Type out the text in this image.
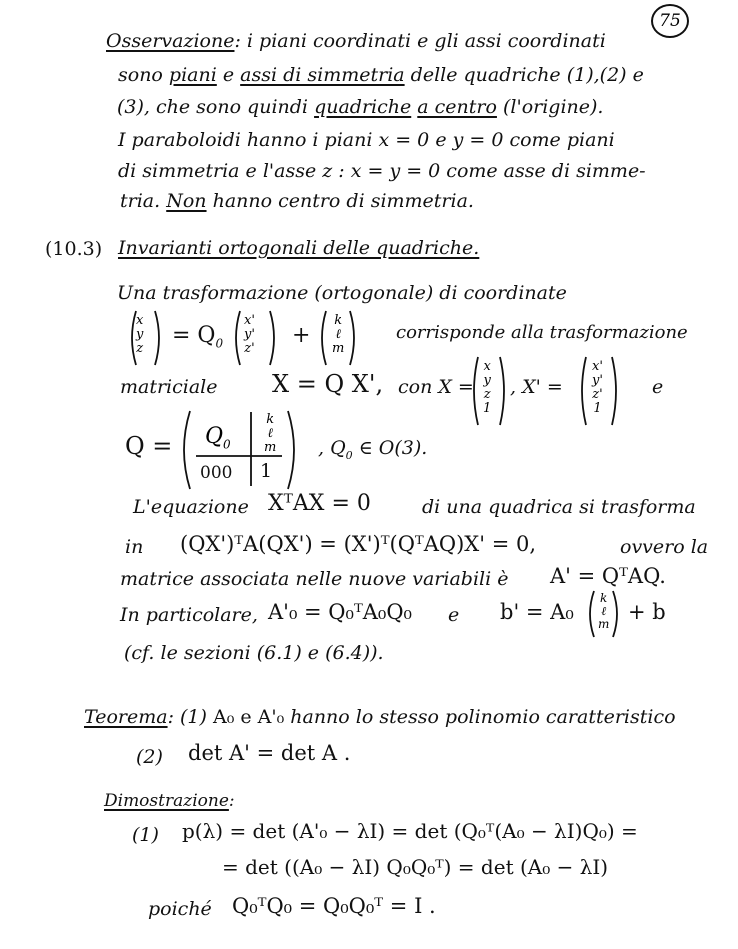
75
Osservazione: i piani coordinati e gli assi coordinati
sono piani e assi di simmetria delle quadriche (1),(2) e
(3), che sono quindi quadriche a centro (l'origine).
I paraboloidi hanno i piani x = 0 e y = 0 come piani
di simmetria e l'asse z : x = y = 0 come asse di simme-
tria. Non hanno centro di simmetria.
(10.3) Invarianti ortogonali delle quadriche.
Una trasformazione (ortogonale) di coordinate
x
y
z
= $Q_0$
x'
y'
z'
+
k
ℓ
m
corrisponde alla trasformazione
matriciale X = Q X', con X =
x
y
z
1
, X' =
x'
y'
z'
1
e
$Q = Q_0$
k
ℓ
m
000 1
, $Q_0$ ∈ O(3).
L'equazione XᵀAX = 0	di una quadrica si trasforma
in (QX')ᵀA(QX') = (X')ᵀ(QᵀAQ)X' = 0,	ovvero la
matrice associata nelle nuove variabili è A' = QᵀAQ.
In particolare, A'₀ = Q₀ᵀA₀Q₀ e b' = A₀
k
ℓ
m + b
(cf. le sezioni (6.1) e (6.4)).
Teorema: (1) A₀ e A'₀ hanno lo stesso polinomio caratteristico
(2) det A' = det A .
Dimostrazione:
(1) p(λ) = det (A'₀ − λI) = det (Q₀ᵀ(A₀ − λI)Q₀) =
= det ((A₀ − λI) Q₀Q₀ᵀ) = det (A₀ − λI)
poiché Q₀ᵀQ₀ = Q₀Q₀ᵀ = I .
